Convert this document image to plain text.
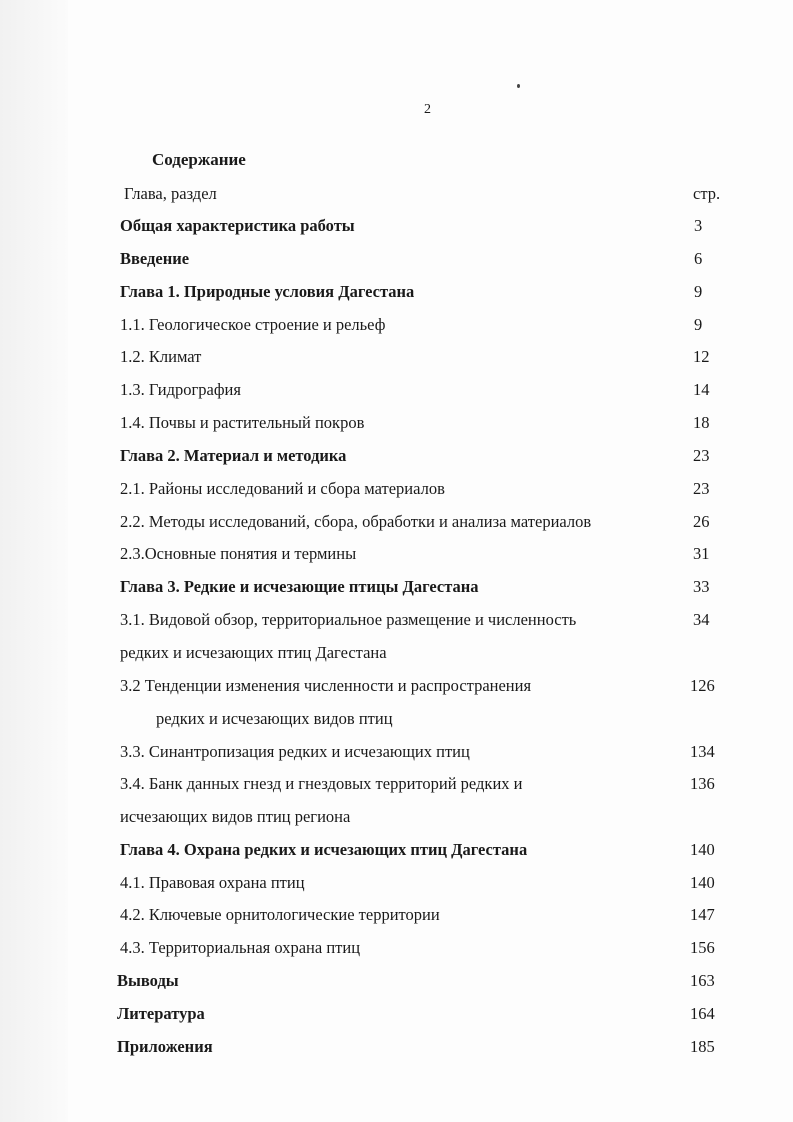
2
Содержание
Глава, раздел	стр.
Общая характеристика работы	3
Введение	6
Глава 1. Природные условия Дагестана	9
1.1. Геологическое строение и рельеф	9
1.2. Климат	12
1.3. Гидрография	14
1.4. Почвы и растительный покров	18
Глава 2. Материал и методика	23
2.1. Районы исследований и сбора материалов	23
2.2. Методы исследований, сбора, обработки и анализа материалов	26
2.3.Основные понятия и термины	31
Глава 3. Редкие и исчезающие птицы Дагестана	33
3.1. Видовой обзор, территориальное размещение и численность	34
редких и исчезающих птиц Дагестана
3.2 Тенденции изменения численности и распространения	126
редких и исчезающих видов птиц
3.3. Синантропизация редких и исчезающих птиц	134
3.4. Банк данных гнезд и гнездовых территорий редких и	136
исчезающих видов птиц региона
Глава 4. Охрана редких и исчезающих птиц Дагестана	140
4.1. Правовая охрана птиц	140
4.2. Ключевые орнитологические территории	147
4.3. Территориальная охрана птиц	156
Выводы	163
Литература	164
Приложения	185
